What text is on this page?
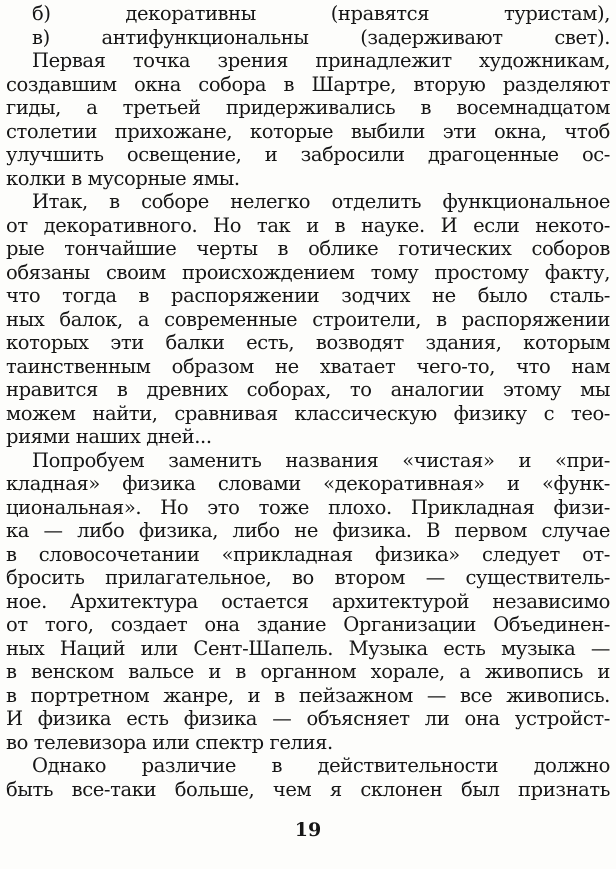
б) декоративны (нравятся туристам),
в) антифункциональны (задерживают свет).
Первая точка зрения принадлежит художникам,
создавшим окна собора в Шартре, вторую разделяют
гиды, а третьей придерживались в восемнадцатом
столетии прихожане, которые выбили эти окна, чтоб
улучшить освещение, и забросили драгоценные ос-
колки в мусорные ямы.
Итак, в соборе нелегко отделить функциональное
от декоративного. Но так и в науке. И если некото-
рые тончайшие черты в облике готических соборов
обязаны своим происхождением тому простому факту,
что тогда в распоряжении зодчих не было сталь-
ных балок, а современные строители, в распоряжении
которых эти балки есть, возводят здания, которым
таинственным образом не хватает чего-то, что нам
нравится в древних соборах, то аналогии этому мы
можем найти, сравнивая классическую физику с тео-
риями наших дней...
Попробуем заменить названия «чистая» и «при-
кладная» физика словами «декоративная» и «функ-
циональная». Но это тоже плохо. Прикладная физи-
ка — либо физика, либо не физика. В первом случае
в словосочетании «прикладная физика» следует от-
бросить прилагательное, во втором — существитель-
ное. Архитектура остается архитектурой независимо
от того, создает она здание Организации Объединен-
ных Наций или Сент-Шапель. Музыка есть музыка —
в венском вальсе и в органном хорале, а живопись и
в портретном жанре, и в пейзажном — все живопись.
И физика есть физика — объясняет ли она устройст-
во телевизора или спектр гелия.
Однако различие в действительности должно
быть все-таки больше, чем я склонен был признать
19
